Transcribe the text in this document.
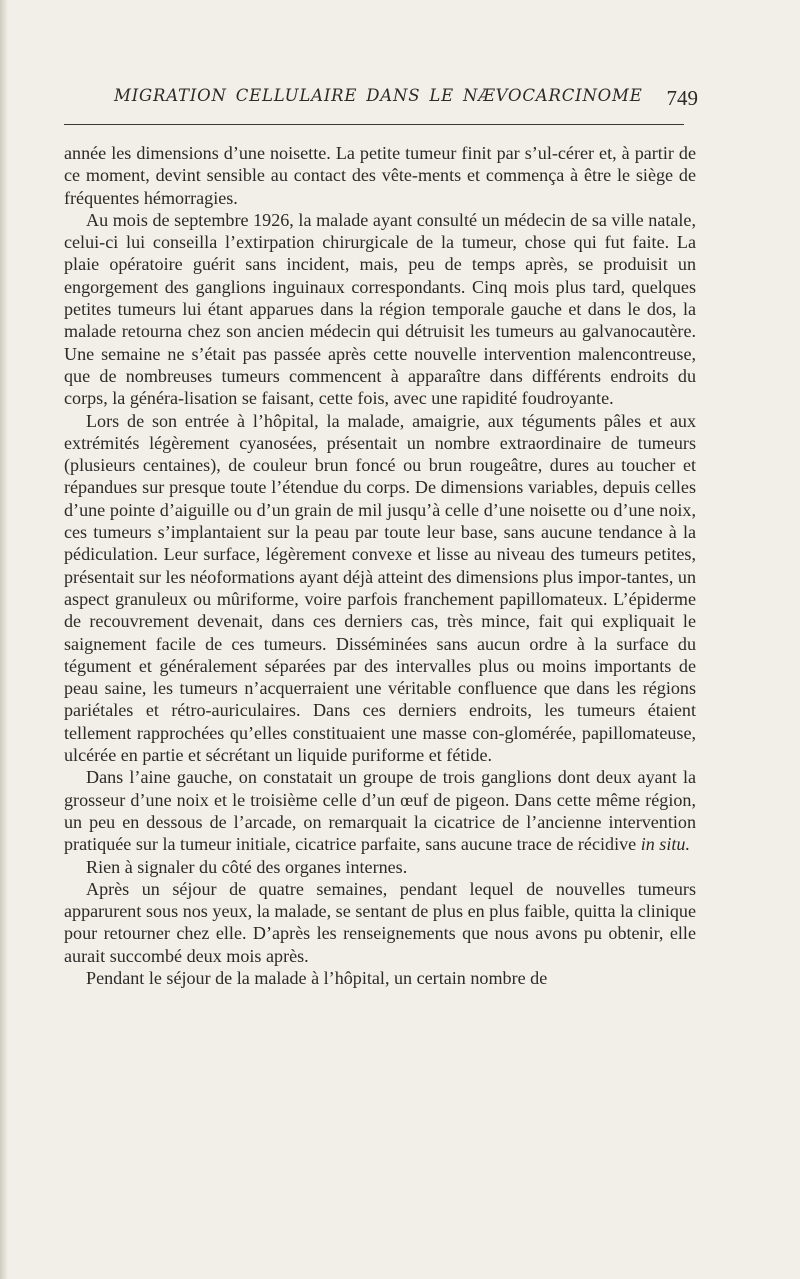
MIGRATION CELLULAIRE DANS LE NÆVOCARCINOME 749

année les dimensions d’une noisette. La petite tumeur finit par s’ul-cérer et, à partir de ce moment, devint sensible au contact des vête-ments et commença à être le siège de fréquentes hémorragies.

Au mois de septembre 1926, la malade ayant consulté un médecin de sa ville natale, celui-ci lui conseilla l’extirpation chirurgicale de la tumeur, chose qui fut faite. La plaie opératoire guérit sans incident, mais, peu de temps après, se produisit un engorgement des ganglions inguinaux correspondants. Cinq mois plus tard, quelques petites tumeurs lui étant apparues dans la région temporale gauche et dans le dos, la malade retourna chez son ancien médecin qui détruisit les tumeurs au galvanocautère. Une semaine ne s’était pas passée après cette nouvelle intervention malencontreuse, que de nombreuses tumeurs commencent à apparaître dans différents endroits du corps, la généra-lisation se faisant, cette fois, avec une rapidité foudroyante.

Lors de son entrée à l’hôpital, la malade, amaigrie, aux téguments pâles et aux extrémités légèrement cyanosées, présentait un nombre extraordinaire de tumeurs (plusieurs centaines), de couleur brun foncé ou brun rougeâtre, dures au toucher et répandues sur presque toute l’étendue du corps. De dimensions variables, depuis celles d’une pointe d’aiguille ou d’un grain de mil jusqu’à celle d’une noisette ou d’une noix, ces tumeurs s’implantaient sur la peau par toute leur base, sans aucune tendance à la pédiculation. Leur surface, légèrement convexe et lisse au niveau des tumeurs petites, présentait sur les néoformations ayant déjà atteint des dimensions plus impor-tantes, un aspect granuleux ou mûriforme, voire parfois franchement papillomateux. L’épiderme de recouvrement devenait, dans ces derniers cas, très mince, fait qui expliquait le saignement facile de ces tumeurs. Disséminées sans aucun ordre à la surface du tégument et généralement séparées par des intervalles plus ou moins importants de peau saine, les tumeurs n’acquerraient une véritable confluence que dans les régions pariétales et rétro-auriculaires. Dans ces derniers endroits, les tumeurs étaient tellement rapprochées qu’elles constituaient une masse con-glomérée, papillomateuse, ulcérée en partie et sécrétant un liquide puriforme et fétide.

Dans l’aine gauche, on constatait un groupe de trois ganglions dont deux ayant la grosseur d’une noix et le troisième celle d’un œuf de pigeon. Dans cette même région, un peu en dessous de l’arcade, on remarquait la cicatrice de l’ancienne intervention pratiquée sur la tumeur initiale, cicatrice parfaite, sans aucune trace de récidive in situ.

Rien à signaler du côté des organes internes.

Après un séjour de quatre semaines, pendant lequel de nouvelles tumeurs apparurent sous nos yeux, la malade, se sentant de plus en plus faible, quitta la clinique pour retourner chez elle. D’après les renseignements que nous avons pu obtenir, elle aurait succombé deux mois après.

Pendant le séjour de la malade à l’hôpital, un certain nombre de
